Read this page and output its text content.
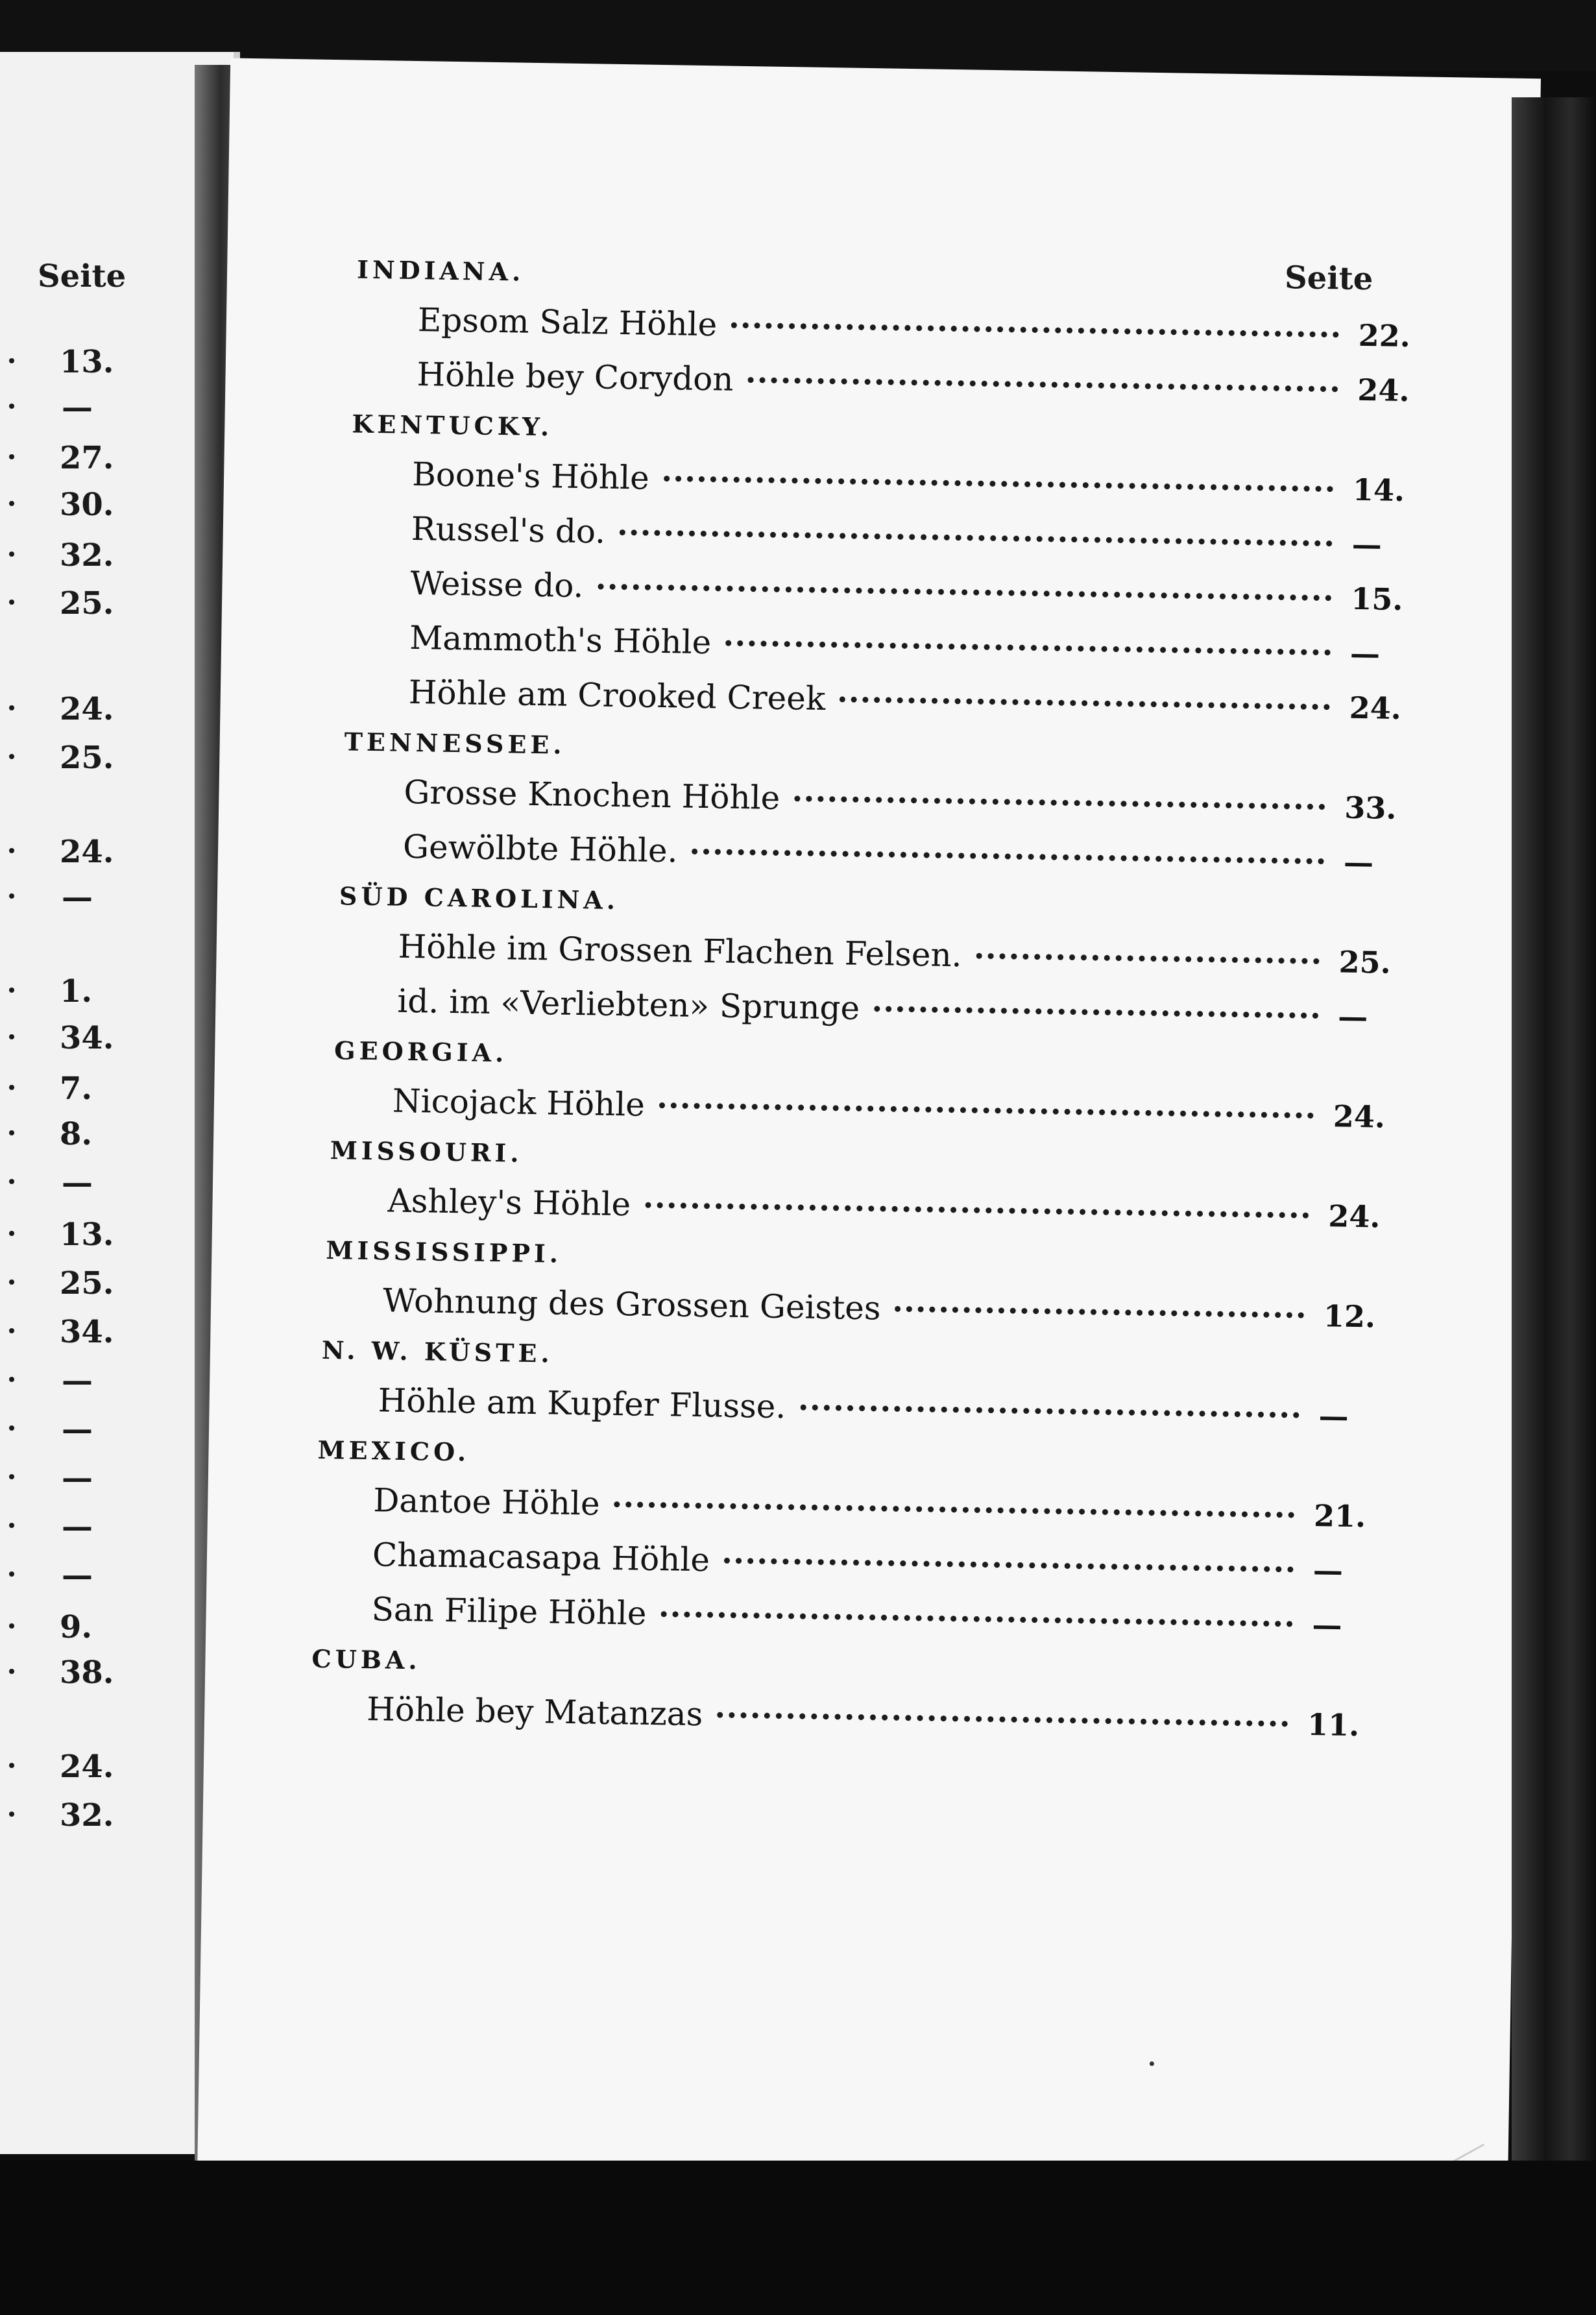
Seite
13.
—
27.
30.
32.
25.
24.
25.
24.
—
1.
34.
7.
8.
—
13.
25.
34.
—
—
—
—
—
9.
38.
24.
32.
Seite
INDIANA.
Epsom Salz Höhle	22.
Höhle bey Corydon	24.
KENTUCKY.
Boone's Höhle	14.
Russel's do.	—
Weisse do.	15.
Mammoth's Höhle	—
Höhle am Crooked Creek	24.
TENNESSEE.
Grosse Knochen Höhle	33.
Gewölbte Höhle.	—
SÜD CAROLINA.
Höhle im Grossen Flachen Felsen.	25.
id. im «Verliebten» Sprunge	—
GEORGIA.
Nicojack Höhle	24.
MISSOURI.
Ashley's Höhle	24.
MISSISSIPPI.
Wohnung des Grossen Geistes	12.
N. W. KÜSTE.
Höhle am Kupfer Flusse.	—
MEXICO.
Dantoe Höhle	21.
Chamacasapa Höhle	—
San Filipe Höhle	—
CUBA.
Höhle bey Matanzas	11.
